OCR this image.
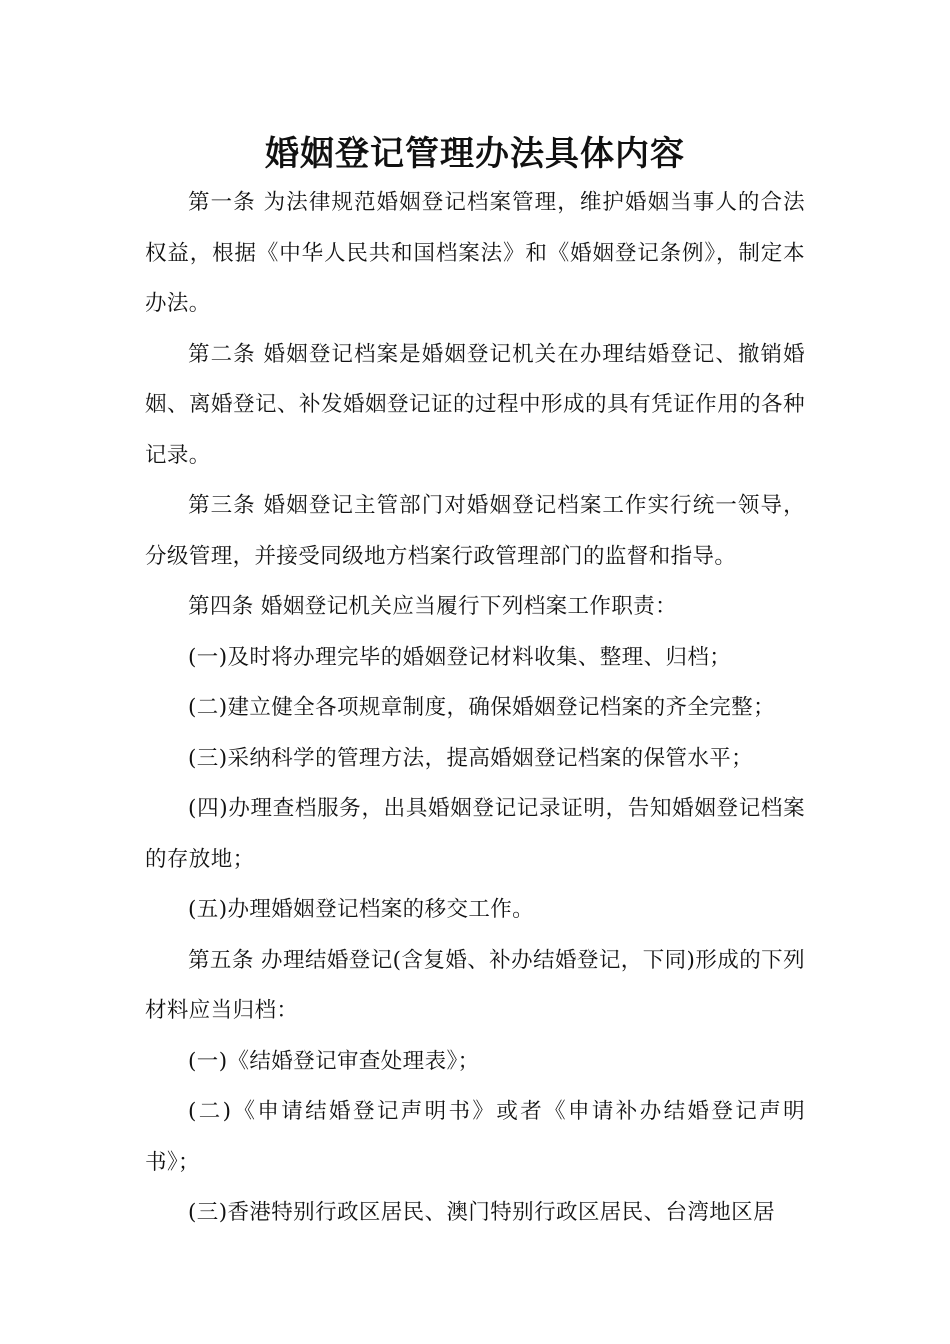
婚姻登记管理办法具体内容

第一条 为法律规范婚姻登记档案管理，维护婚姻当事人的合法权益，根据《中华人民共和国档案法》和《婚姻登记条例》，制定本办法。

第二条 婚姻登记档案是婚姻登记机关在办理结婚登记、撤销婚姻、离婚登记、补发婚姻登记证的过程中形成的具有凭证作用的各种记录。

第三条 婚姻登记主管部门对婚姻登记档案工作实行统一领导，分级管理，并接受同级地方档案行政管理部门的监督和指导。

第四条 婚姻登记机关应当履行下列档案工作职责：

(一)及时将办理完毕的婚姻登记材料收集、整理、归档；

(二)建立健全各项规章制度，确保婚姻登记档案的齐全完整；

(三)采纳科学的管理方法，提高婚姻登记档案的保管水平；

(四)办理查档服务，出具婚姻登记记录证明，告知婚姻登记档案的存放地；

(五)办理婚姻登记档案的移交工作。

第五条 办理结婚登记(含复婚、补办结婚登记，下同)形成的下列材料应当归档：

(一)《结婚登记审查处理表》；

(二)《申请结婚登记声明书》或者《申请补办结婚登记声明书》；

(三)香港特别行政区居民、澳门特别行政区居民、台湾地区居
